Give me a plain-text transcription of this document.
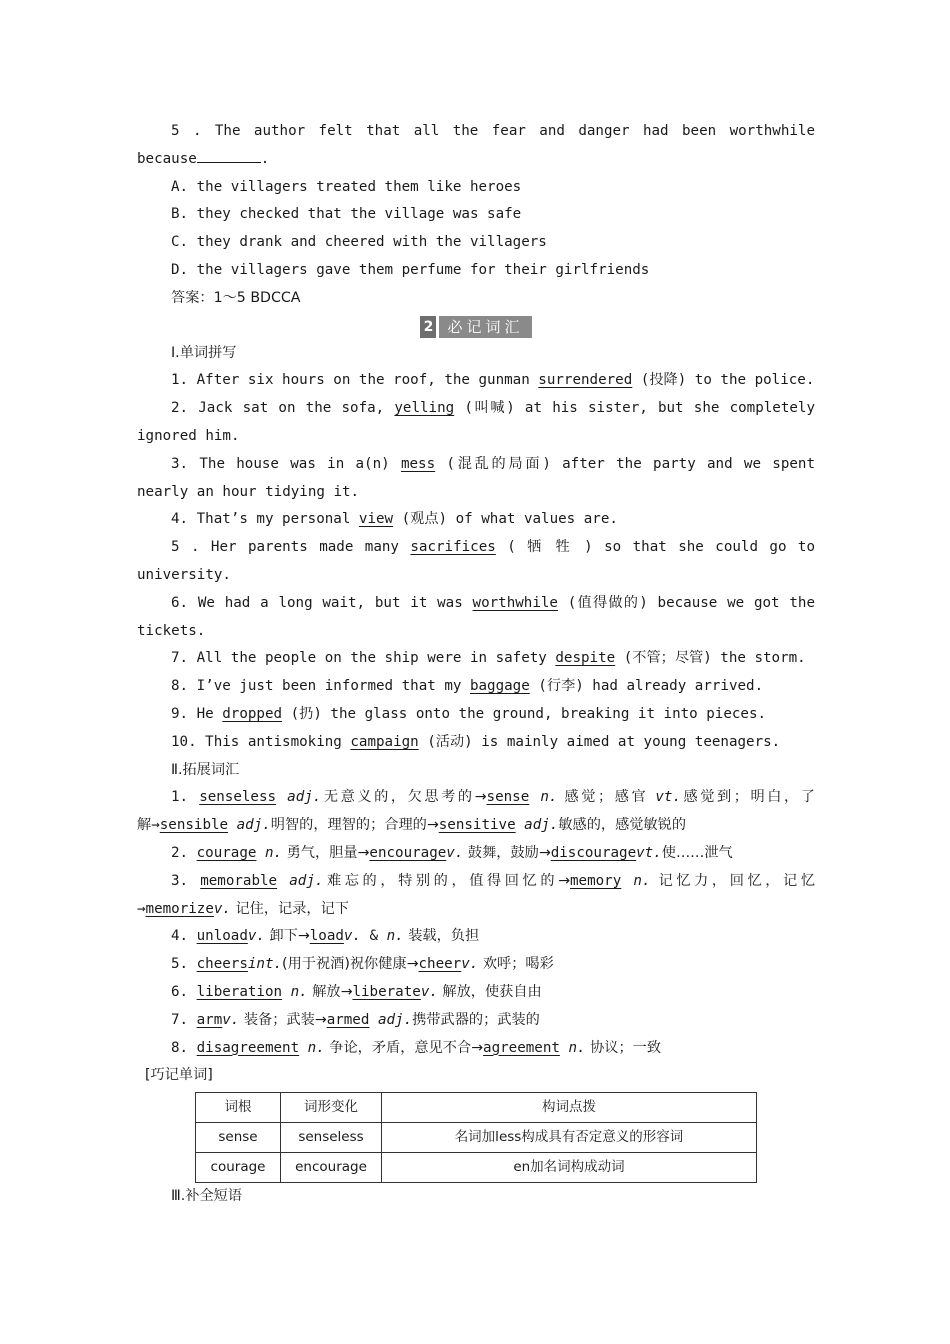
5 . The author felt that all the fear and danger had been worthwhile
because	.
A. the villagers treated them like heroes
B. they checked that the village was safe
C. they drank and cheered with the villagers
D. the villagers gave them perfume for their girlfriends
答案：1～5 BDCCA
2 必记词汇
Ⅰ.单词拼写
1. After six hours on the roof, the gunman surrendered (投降) to the police.
2. Jack sat on the sofa, yelling (叫喊) at his sister, but she completely
ignored him.
3. The house was in a(n) mess (混乱的局面) after the party and we spent
nearly an hour tidying it.
4. That’s my personal view (观点) of what values are.
5 . Her parents made many sacrifices ( 牺 牲 ) so that she could go to
university.
6. We had a long wait, but it was worthwhile (值得做的) because we got the
tickets.
7. All the people on the ship were in safety despite (不管；尽管) the storm.
8. I’ve just been informed that my baggage (行李) had already arrived.
9. He dropped (扔) the glass onto the ground, breaking it into pieces.
10. This antismoking campaign (活动) is mainly aimed at young teenagers.
Ⅱ.拓展词汇
1. senseless adj.无意义的，欠思考的→sense n. 感觉；感官 vt.感觉到；明白，了
解→sensible adj.明智的，理智的；合理的→sensitive adj.敏感的，感觉敏锐的
2. courage n. 勇气，胆量→encouragev. 鼓舞，鼓励→discouragevt.使……泄气
3. memorable adj.难忘的，特别的，值得回忆的→memory n. 记忆力，回忆，记忆
→memorizev. 记住，记录，记下
4. unloadv. 卸下→loadv. & n. 装载，负担
5. cheersint.(用于祝酒)祝你健康→cheerv. 欢呼；喝彩
6. liberation n. 解放→liberatev. 解放，使获自由
7. armv. 装备；武装→armed adj.携带武器的；武装的
8. disagreement n. 争论，矛盾，意见不合→agreement n. 协议；一致
[巧记单词]
词根	词形变化	构词点拨
sense	senseless	名词加less构成具有否定意义的形容词
courage	encourage	en加名词构成动词
Ⅲ.补全短语
